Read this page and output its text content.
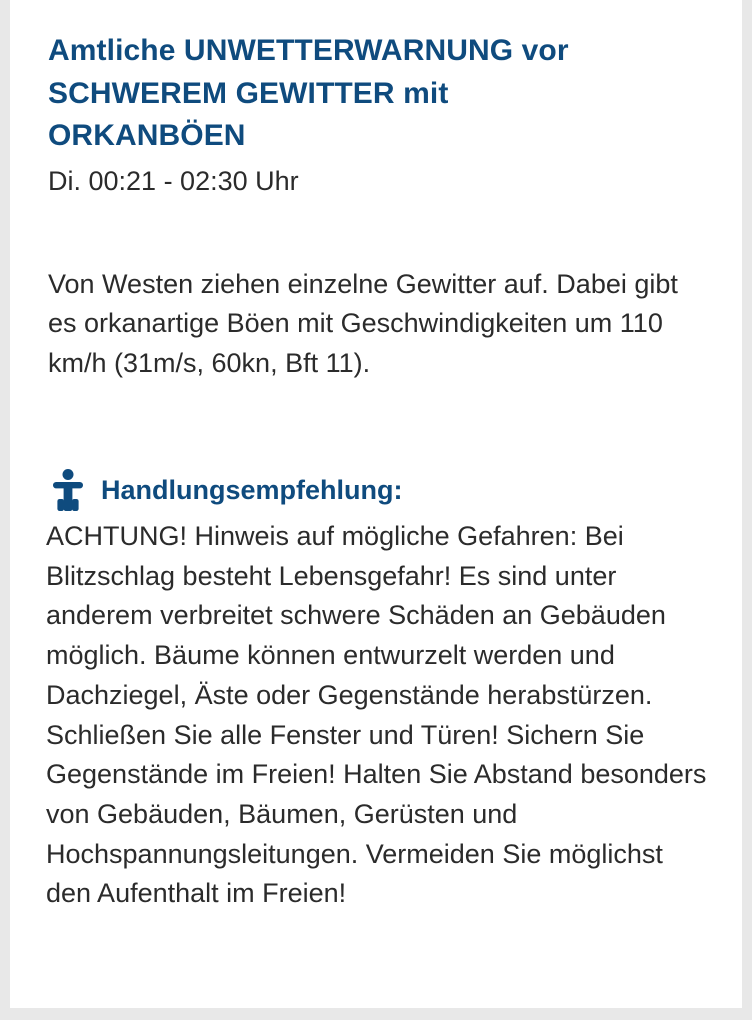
Amtliche UNWETTERWARNUNG vor SCHWEREM GEWITTER mit ORKANBÖEN
Di. 00:21 - 02:30 Uhr

Von Westen ziehen einzelne Gewitter auf. Dabei gibt es orkanartige Böen mit Geschwindigkeiten um 110 km/h (31m/s, 60kn, Bft 11).

Handlungsempfehlung:

ACHTUNG! Hinweis auf mögliche Gefahren: Bei Blitzschlag besteht Lebensgefahr! Es sind unter anderem verbreitet schwere Schäden an Gebäuden möglich. Bäume können entwurzelt werden und Dachziegel, Äste oder Gegenstände herabstürzen. Schließen Sie alle Fenster und Türen! Sichern Sie Gegenstände im Freien! Halten Sie Abstand besonders von Gebäuden, Bäumen, Gerüsten und Hochspannungsleitungen. Vermeiden Sie möglichst den Aufenthalt im Freien!
